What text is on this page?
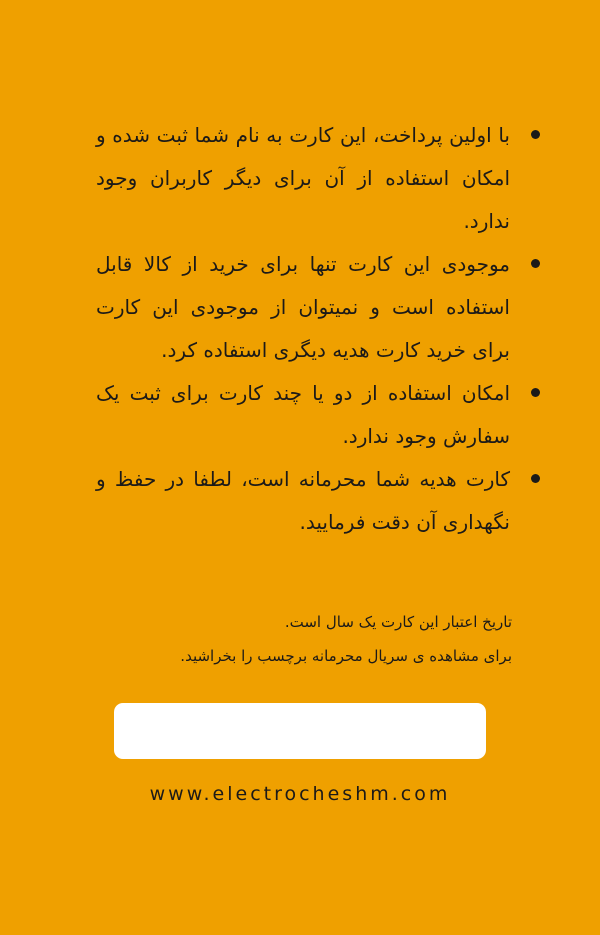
با اولین پرداخت، این کارت به نام شما ثبت شده و امکان استفاده از آن برای دیگر کاربران وجود ندارد.
موجودی این کارت تنها برای خرید از کالا قابل استفاده است و نمیتوان از موجودی این کارت برای خرید کارت هدیه دیگری استفاده کرد.
امکان استفاده از دو یا چند کارت برای ثبت یک سفارش وجود ندارد.
کارت هدیه شما محرمانه است، لطفا در حفظ و نگهداری آن دقت فرمایید.

تاریخ اعتبار این کارت یک سال است.

برای مشاهده ی سریال محرمانه برچسب را بخراشید.

www.electrocheshm.com
